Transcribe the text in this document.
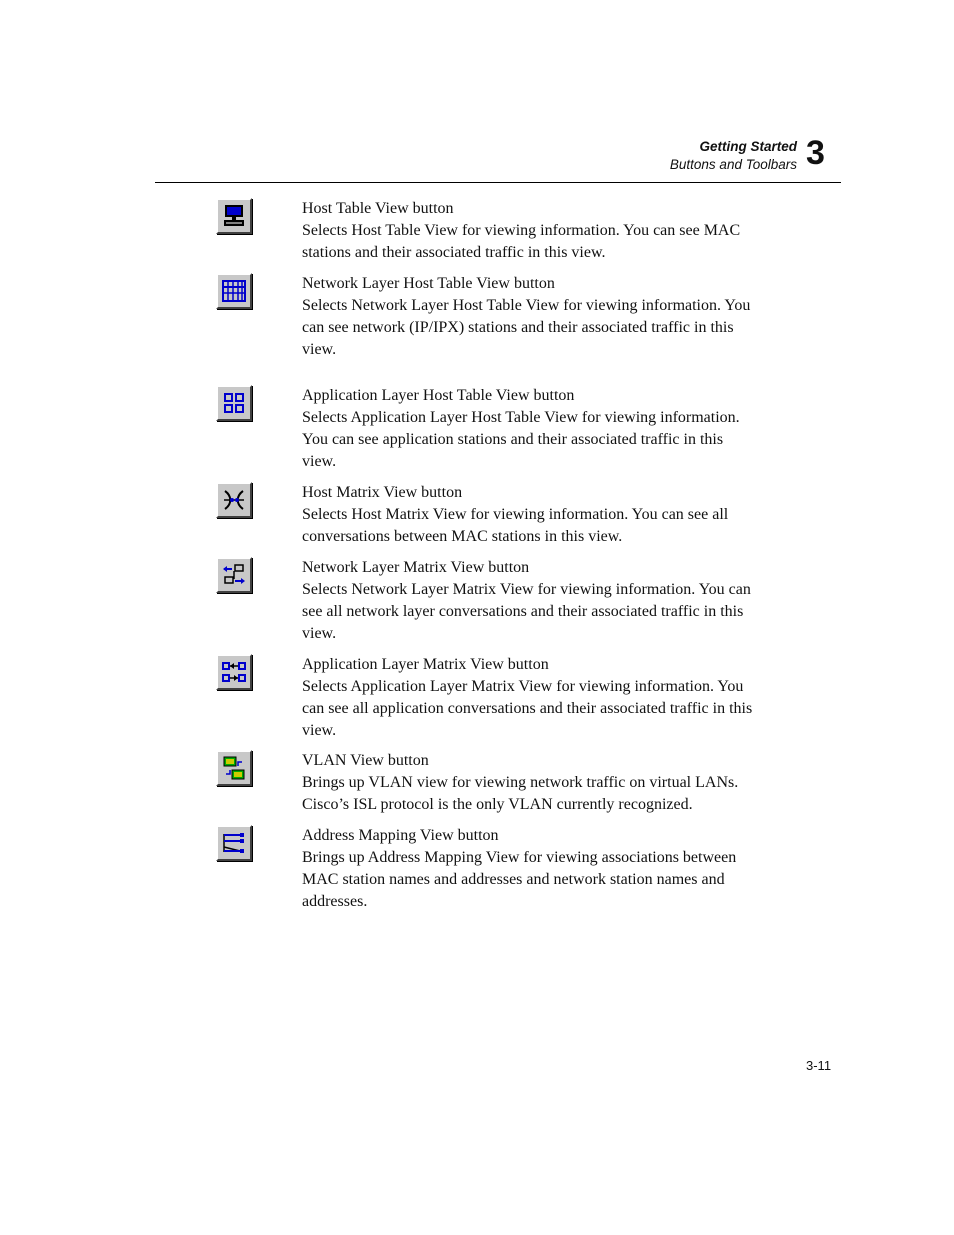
Getting Started
Buttons and Toolbars 3

Host Table View button

Selects Host Table View for viewing information. You can see MAC

stations and their associated traffic in this view.

Network Layer Host Table View button

Selects Network Layer Host Table View for viewing information. You

can see network (IP/IPX) stations and their associated traffic in this

view.

Application Layer Host Table View button

Selects Application Layer Host Table View for viewing information.

You can see application stations and their associated traffic in this

view.

Host Matrix View button

Selects Host Matrix View for viewing information. You can see all

conversations between MAC stations in this view.

Network Layer Matrix View button

Selects Network Layer Matrix View for viewing information. You can

see all network layer conversations and their associated traffic in this

view.

Application Layer Matrix View button

Selects Application Layer Matrix View for viewing information. You

can see all application conversations and their associated traffic in this

view.

VLAN View button

Brings up VLAN view for viewing network traffic on virtual LANs.

Cisco’s ISL protocol is the only VLAN currently recognized.

Address Mapping View button

Brings up Address Mapping View for viewing associations between

MAC station names and addresses and network station names and

addresses.

3-11
